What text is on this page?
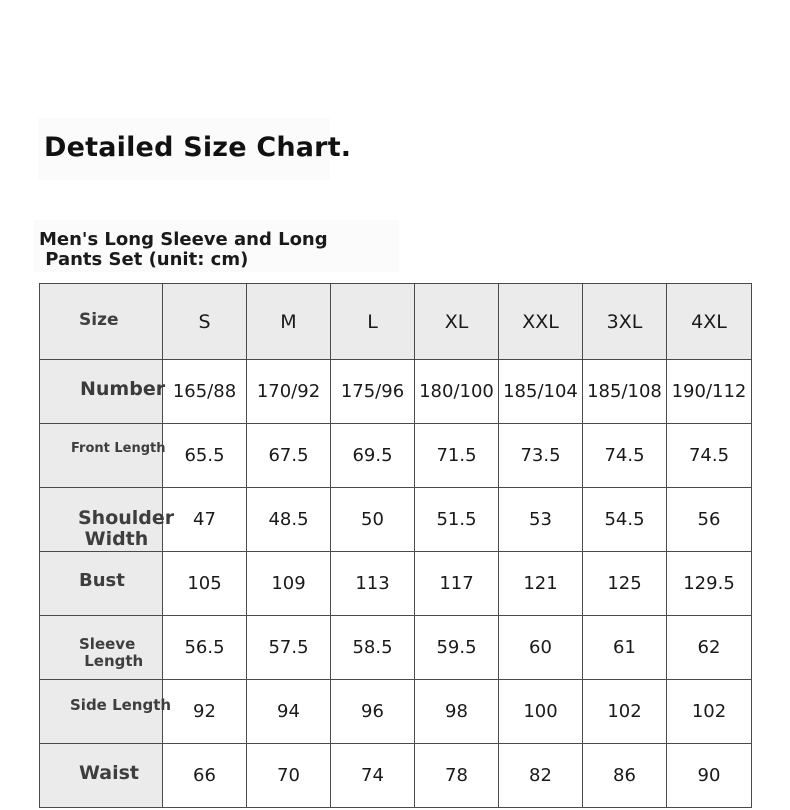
Detailed Size Chart.
Men's Long Sleeve and Long
Pants Set (unit: cm)
Size	S	M	L	XL	XXL	3XL	4XL

Number	165/88	170/92	175/96	180/100	185/104	185/108	190/112

Front Length	65.5	67.5	69.5	71.5	73.5	74.5	74.5

Shoulder
Width	47	48.5	50	51.5	53	54.5	56

Bust	105	109	113	117	121	125	129.5

Sleeve
Length	56.5	57.5	58.5	59.5	60	61	62

Side Length	92	94	96	98	100	102	102

Waist	66	70	74	78	82	86	90
